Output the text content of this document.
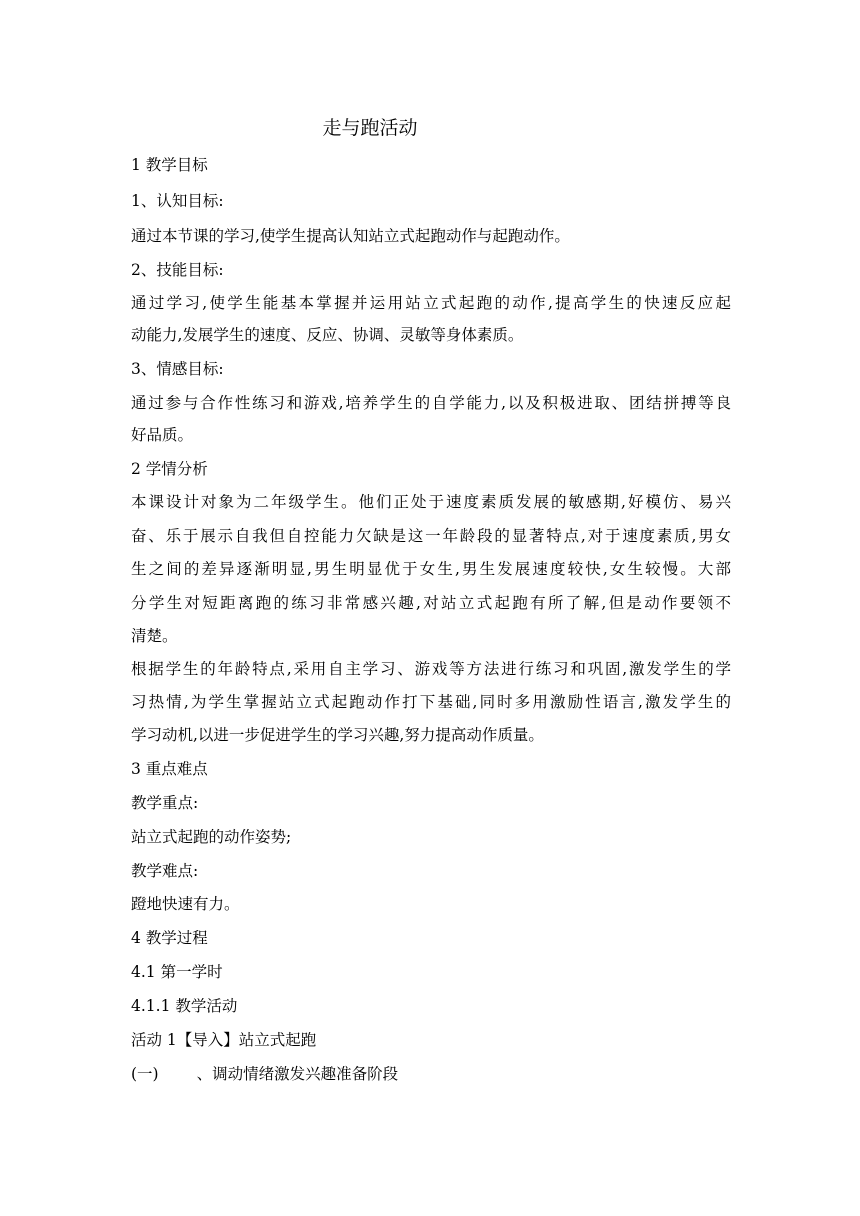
走与跑活动
1 教学目标
1、认知目标:
通过本节课的学习,使学生提高认知站立式起跑动作与起跑动作。
2、技能目标:
通过学习,使学生能基本掌握并运用站立式起跑的动作,提高学生的快速反应起
动能力,发展学生的速度、反应、协调、灵敏等身体素质。
3、情感目标:
通过参与合作性练习和游戏,培养学生的自学能力,以及积极进取、团结拼搏等良
好品质。
2 学情分析
本课设计对象为二年级学生。他们正处于速度素质发展的敏感期,好模仿、易兴
奋、乐于展示自我但自控能力欠缺是这一年龄段的显著特点,对于速度素质,男女
生之间的差异逐渐明显,男生明显优于女生,男生发展速度较快,女生较慢。大部
分学生对短距离跑的练习非常感兴趣,对站立式起跑有所了解,但是动作要领不
清楚。
根据学生的年龄特点,采用自主学习、游戏等方法进行练习和巩固,激发学生的学
习热情,为学生掌握站立式起跑动作打下基础,同时多用激励性语言,激发学生的
学习动机,以进一步促进学生的学习兴趣,努力提高动作质量。
3 重点难点
教学重点:
站立式起跑的动作姿势;
教学难点:
蹬地快速有力。
4 教学过程
4.1 第一学时
4.1.1 教学活动
活动 1【导入】站立式起跑
(一) 、调动情绪激发兴趣准备阶段
